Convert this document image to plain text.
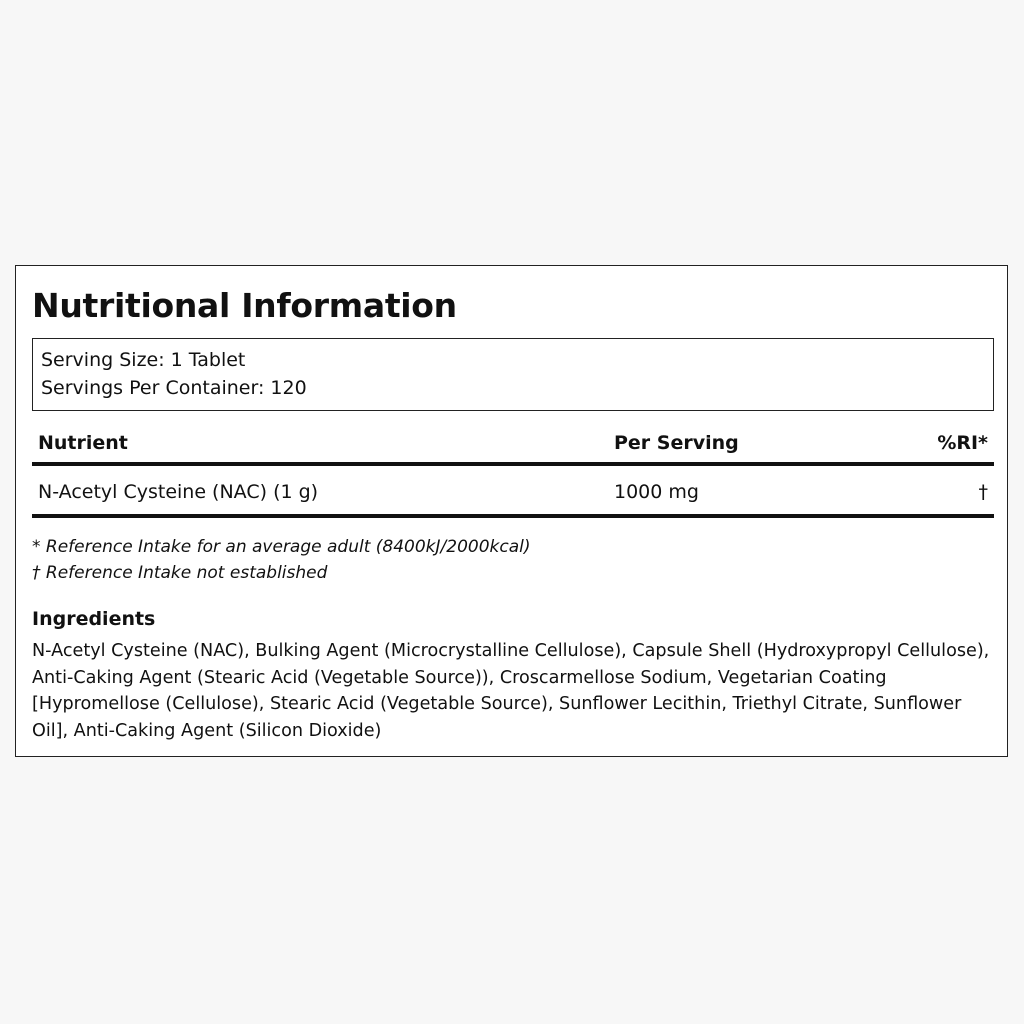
Nutritional Information
Serving Size: 1 Tablet
Servings Per Container: 120
Nutrient	Per Serving	%RI*
N-Acetyl Cysteine (NAC) (1 g)	1000 mg	†
* Reference Intake for an average adult (8400kJ/2000kcal)
† Reference Intake not established
Ingredients
N-Acetyl Cysteine (NAC), Bulking Agent (Microcrystalline Cellulose), Capsule Shell (Hydroxypropyl Cellulose), Anti-Caking Agent (Stearic Acid (Vegetable Source)), Croscarmellose Sodium, Vegetarian Coating [Hypromellose (Cellulose), Stearic Acid (Vegetable Source), Sunflower Lecithin, Triethyl Citrate, Sunflower Oil], Anti-Caking Agent (Silicon Dioxide)
